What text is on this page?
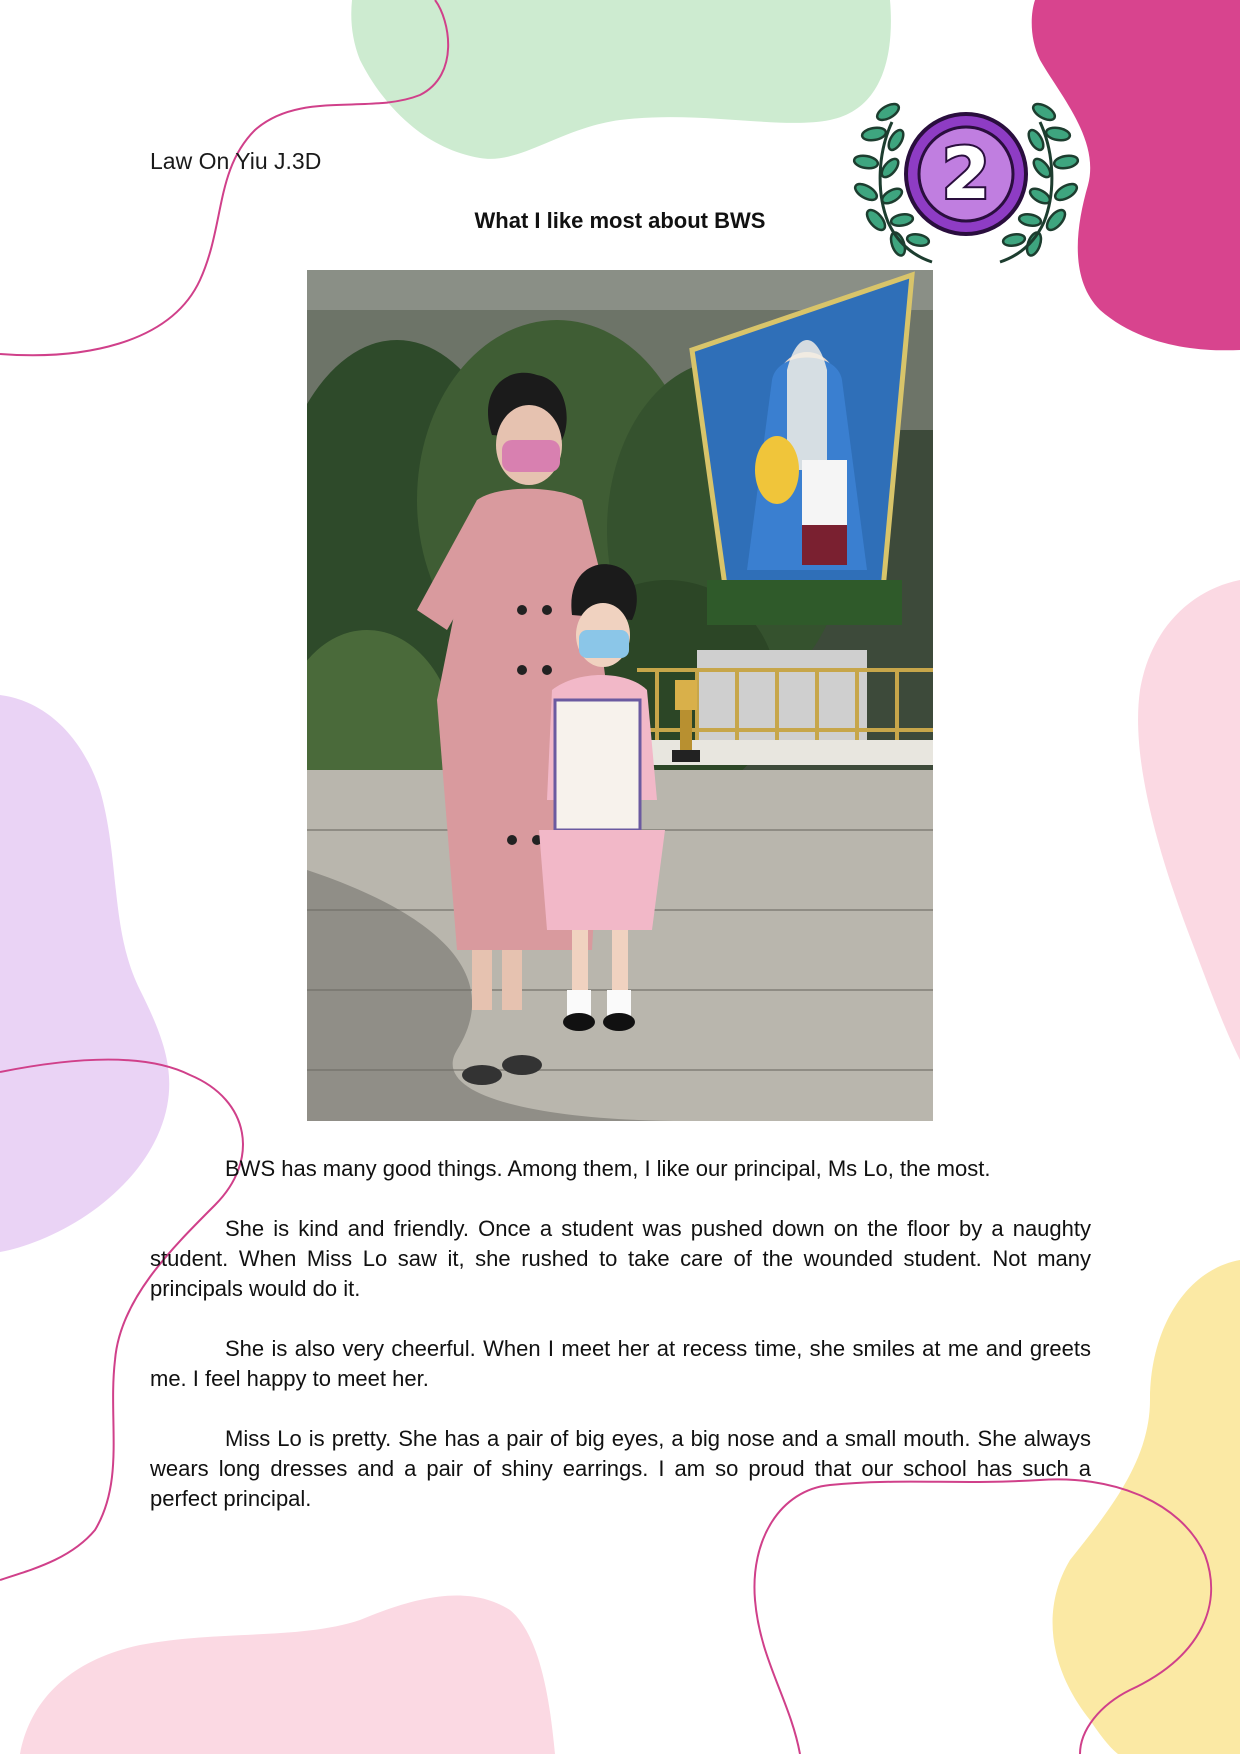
Law On Yiu J.3D
What I like most about BWS
2

BWS has many good things. Among them, I like our principal, Ms Lo, the most.

She is kind and friendly. Once a student was pushed down on the floor by a naughty student. When Miss Lo saw it, she rushed to take care of the wounded student. Not many principals would do it.

She is also very cheerful. When I meet her at recess time, she smiles at me and greets me. I feel happy to meet her.

Miss Lo is pretty. She has a pair of big eyes, a big nose and a small mouth. She always wears long dresses and a pair of shiny earrings. I am so proud that our school has such a perfect principal.
